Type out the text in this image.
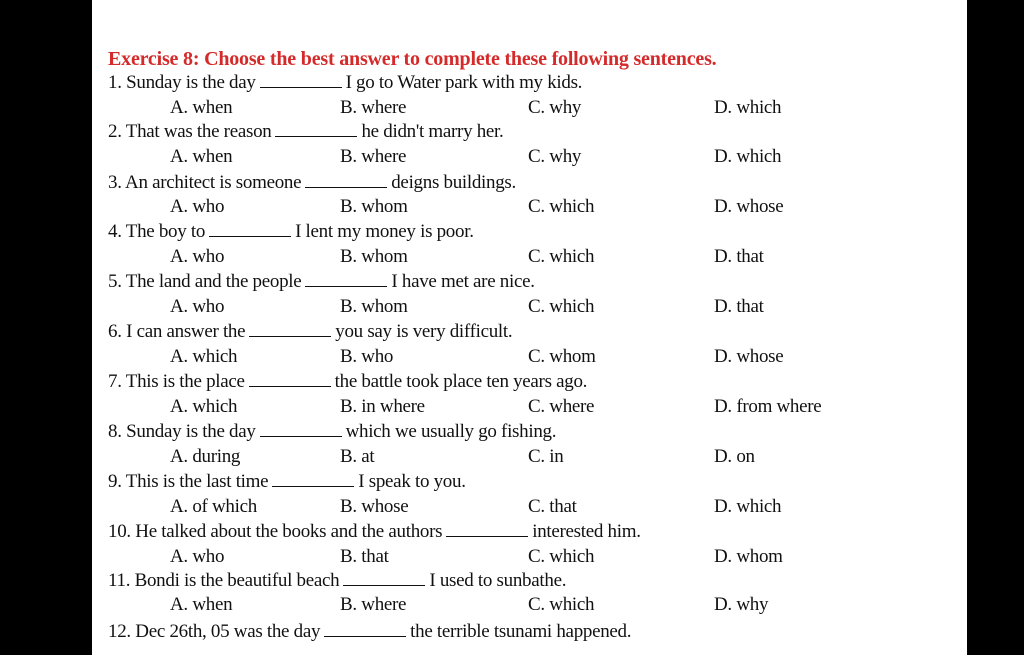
Exercise 8: Choose the best answer to complete these following sentences.
1. Sunday is the day	I go to Water park with my kids.
A. when	B. where	C. why	D. which
2. That was the reason	he didn't marry her.
A. when	B. where	C. why	D. which
3. An architect is someone	deigns buildings.
A. who	B. whom	C. which	D. whose
4. The boy to	I lent my money is poor.
A. who	B. whom	C. which	D. that
5. The land and the people	I have met are nice.
A. who	B. whom	C. which	D. that
6. I can answer the	you say is very difficult.
A. which	B. who	C. whom	D. whose
7. This is the place	the battle took place ten years ago.
A. which	B. in where	C. where	D. from where
8. Sunday is the day	which we usually go fishing.
A. during	B. at	C. in	D. on
9. This is the last time	I speak to you.
A. of which	B. whose	C. that	D. which
10. He talked about the books and the authors	interested him.
A. who	B. that	C. which	D. whom
11. Bondi is the beautiful beach	I used to sunbathe.
A. when	B. where	C. which	D. why
12. Dec 26th, 05 was the day	the terrible tsunami happened.
